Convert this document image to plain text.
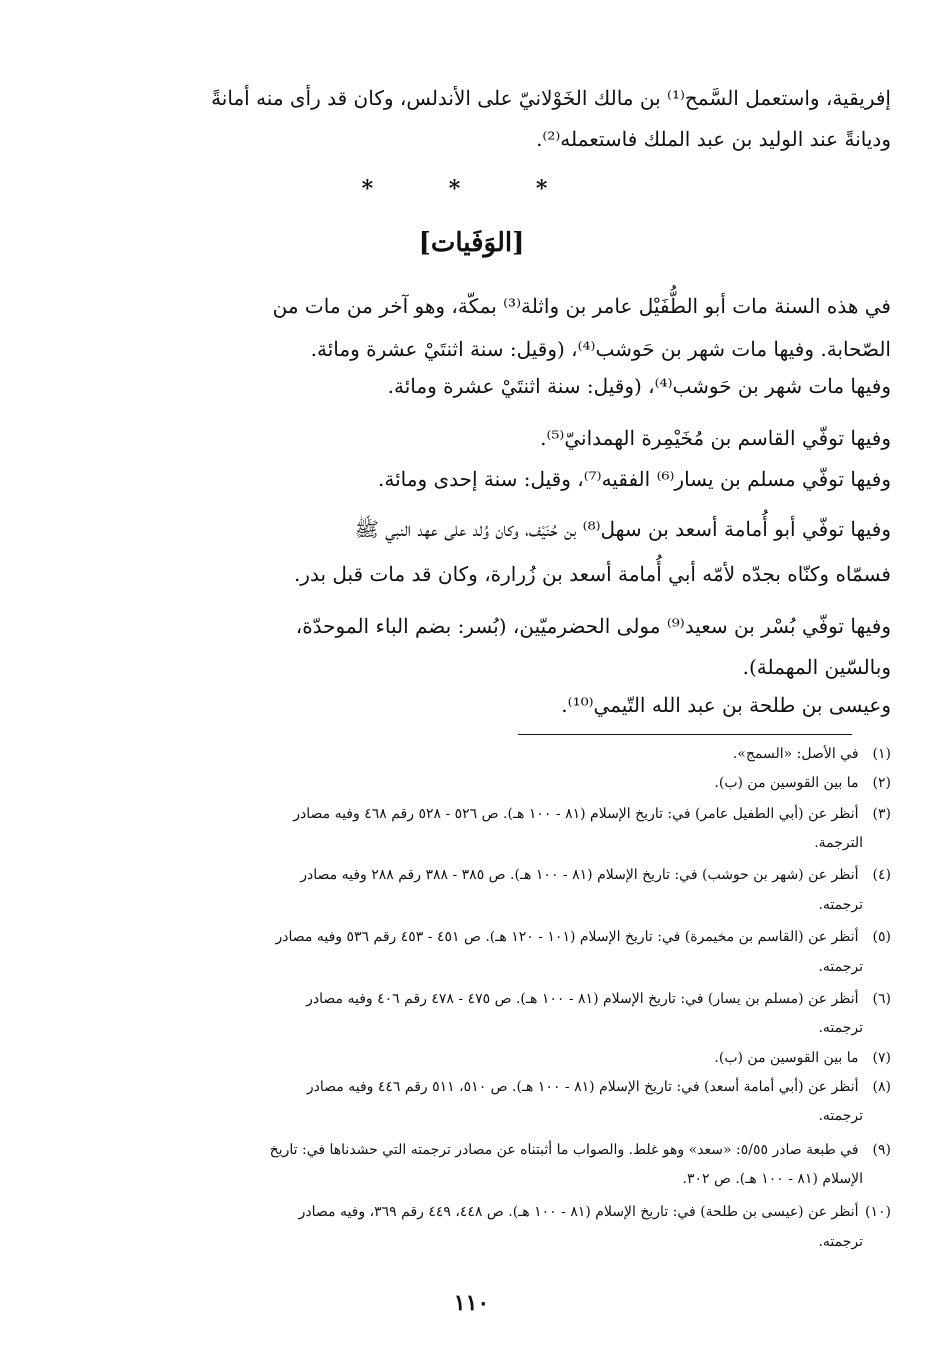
إفريقية، واستعمل السَّمح⁽¹⁾ بن مالك الخَوْلانيّ على الأندلس، وكان قد رأى منه أمانةً
وديانةً عند الوليد بن عبد الملك فاستعمله⁽²⁾.
* * *
[الوَفَيات]
في هذه السنة مات أبو الطُّفَيْل عامر بن واثلة⁽³⁾ بمكّة، وهو آخر من مات من
الصّحابة. وفيها مات شهر بن حَوشب⁽⁴⁾، (وقيل: سنة اثنتَيْ عشرة ومائة.
وفيها مات شهر بن حَوشب⁽⁴⁾، (وقيل: سنة اثنتَيْ عشرة ومائة.
وفيها توفّي القاسم بن مُخَيْمِرة الهمدانيّ⁽⁵⁾.
وفيها توفّي مسلم بن يسار⁽⁶⁾ الفقيه⁽⁷⁾، وقيل: سنة إحدى ومائة.
وفيها توفّي أبو أُمامة أسعد بن سهل⁽⁸⁾ بن حُنَيْف، وكان وُلد على عهد النبي ﷺ
فسمّاه وكنّاه بجدّه لأمّه أبي أُمامة أسعد بن زُرارة، وكان قد مات قبل بدر.
وفيها توفّي بُسْر بن سعيد⁽⁹⁾ مولى الحضرميّين، (بُسر: بضم الباء الموحدّة،
وبالسّين المهملة).
وعيسى بن طلحة بن عبد الله التّيمي⁽¹⁰⁾.
(١) في الأصل: «السمج».
(٢) ما بين القوسين من (ب).
(٣) أنظر عن (أبي الطفيل عامر) في: تاريخ الإسلام (٨١ - ١٠٠ هـ). ص ٥٢٦ - ٥٢٨ رقم ٤٦٨ وفيه مصادر
الترجمة.
(٤) أنظر عن (شهر بن حوشب) في: تاريخ الإسلام (٨١ - ١٠٠ هـ). ص ٣٨٥ - ٣٨٨ رقم ٢٨٨ وفيه مصادر
ترجمته.
(٥) أنظر عن (القاسم بن مخيمرة) في: تاريخ الإسلام (١٠١ - ١٢٠ هـ). ص ٤٥١ - ٤٥٣ رقم ٥٣٦ وفيه مصادر
ترجمته.
(٦) أنظر عن (مسلم بن يسار) في: تاريخ الإسلام (٨١ - ١٠٠ هـ). ص ٤٧٥ - ٤٧٨ رقم ٤٠٦ وفيه مصادر
ترجمته.
(٧) ما بين القوسين من (ب).
(٨) أنظر عن (أبي أمامة أسعد) في: تاريخ الإسلام (٨١ - ١٠٠ هـ). ص ٥١٠، ٥١١ رقم ٤٤٦ وفيه مصادر
ترجمته.
(٩) في طبعة صادر ٥/٥٥: «سعد» وهو غلط. والصواب ما أثبتناه عن مصادر ترجمته التي حشدناها في: تاريخ
الإسلام (٨١ - ١٠٠ هـ). ص ٣٠٢.
(١٠) أنظر عن (عيسى بن طلحة) في: تاريخ الإسلام (٨١ - ١٠٠ هـ). ص ٤٤٨، ٤٤٩ رقم ٣٦٩، وفيه مصادر
ترجمته.
١١٠
